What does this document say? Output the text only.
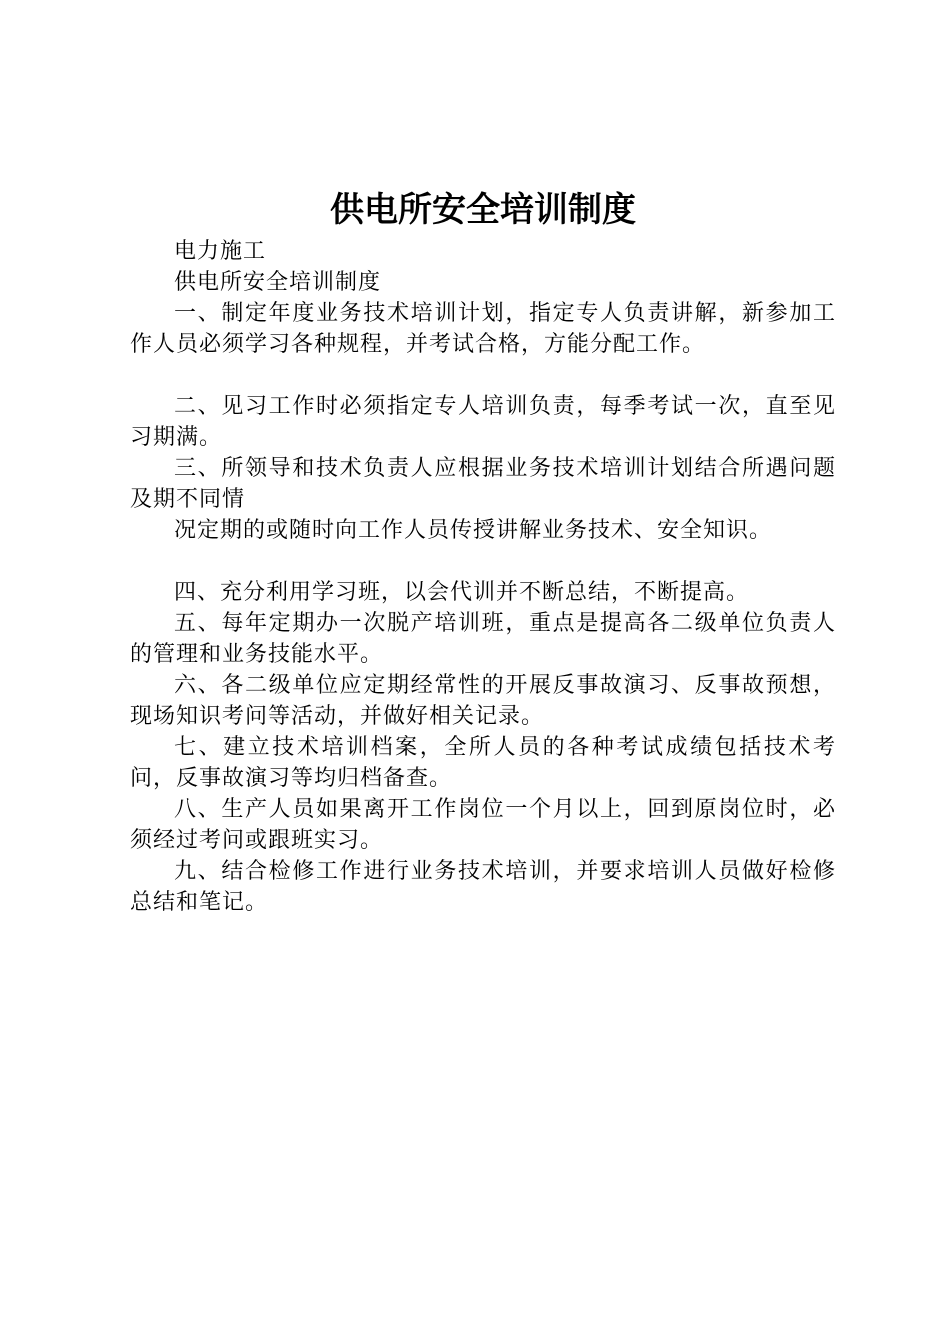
供电所安全培训制度

电力施工

供电所安全培训制度

一、制定年度业务技术培训计划，指定专人负责讲解，新参加工作人员必须学习各种规程，并考试合格，方能分配工作。

二、见习工作时必须指定专人培训负责，每季考试一次，直至见习期满。

三、所领导和技术负责人应根据业务技术培训计划结合所遇问题及期不同情

况定期的或随时向工作人员传授讲解业务技术、安全知识。

四、充分利用学习班，以会代训并不断总结，不断提高。

五、每年定期办一次脱产培训班，重点是提高各二级单位负责人的管理和业务技能水平。

六、各二级单位应定期经常性的开展反事故演习、反事故预想，现场知识考问等活动，并做好相关记录。

七、建立技术培训档案，全所人员的各种考试成绩包括技术考问，反事故演习等均归档备查。

八、生产人员如果离开工作岗位一个月以上，回到原岗位时，必须经过考问或跟班实习。

九、结合检修工作进行业务技术培训，并要求培训人员做好检修总结和笔记。
